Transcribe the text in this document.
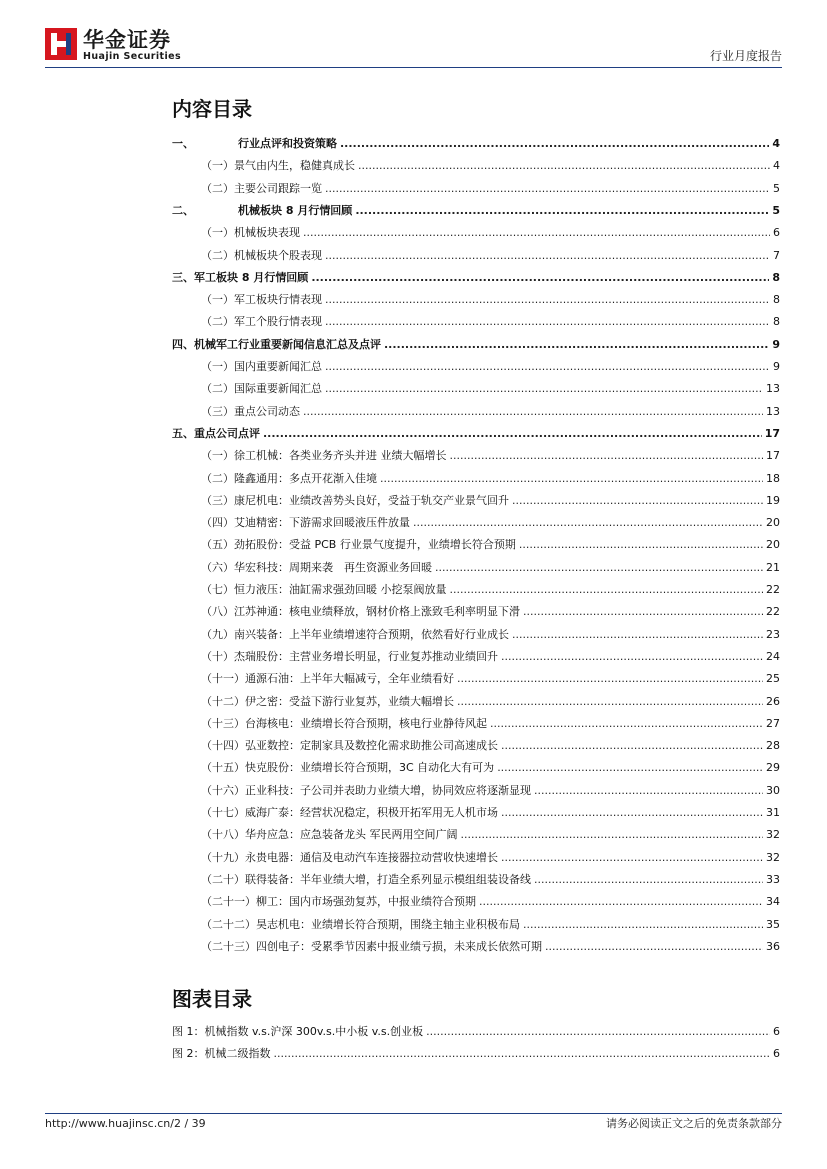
华金证券
Huajin Securities	行业月度报告
内容目录
一、	行业点评和投资策略 .....	4
（一） 景气由内生，稳健真成长 .....	4
（二） 主要公司跟踪一览 .....	5
二、	机械板块 8 月行情回顾 .....	5
（一） 机械板块表现 .....	6
（二） 机械板块个股表现 .....	7
三、 军工板块 8 月行情回顾 .....	8
（一） 军工板块行情表现 .....	8
（二） 军工个股行情表现 .....	8
四、 机械军工行业重要新闻信息汇总及点评 .....	9
（一） 国内重要新闻汇总 .....	9
（二） 国际重要新闻汇总 .....	13
（三） 重点公司动态 .....	13
五、 重点公司点评 .....	17
（一） 徐工机械：各类业务齐头并进 业绩大幅增长 .....	17
（二） 隆鑫通用：多点开花渐入佳境 .....	18
（三） 康尼机电：业绩改善势头良好，受益于轨交产业景气回升 .....	19
（四） 艾迪精密：下游需求回暖液压件放量 .....	20
（五） 劲拓股份：受益 PCB 行业景气度提升，业绩增长符合预期 .....	20
（六） 华宏科技：周期来袭　再生资源业务回暖 .....	21
（七） 恒力液压：油缸需求强劲回暖 小挖泵阀放量 .....	22
（八） 江苏神通：核电业绩释放，钢材价格上涨致毛利率明显下滑 .....	22
（九） 南兴装备：上半年业绩增速符合预期，依然看好行业成长 .....	23
（十） 杰瑞股份：主营业务增长明显，行业复苏推动业绩回升 .....	24
（十一） 通源石油：上半年大幅减亏，全年业绩看好 .....	25
（十二） 伊之密：受益下游行业复苏，业绩大幅增长 .....	26
（十三） 台海核电：业绩增长符合预期，核电行业静待风起 .....	27
（十四） 弘亚数控：定制家具及数控化需求助推公司高速成长 .....	28
（十五） 快克股份：业绩增长符合预期，3C 自动化大有可为 .....	29
（十六） 正业科技：子公司并表助力业绩大增，协同效应将逐渐显现 .....	30
（十七） 威海广泰：经营状况稳定，积极开拓军用无人机市场 .....	31
（十八） 华舟应急：应急装备龙头 军民两用空间广阔 .....	32
（十九） 永贵电器：通信及电动汽车连接器拉动营收快速增长 .....	32
（二十） 联得装备：半年业绩大增，打造全系列显示模组组装设备线 .....	33
（二十一） 柳工：国内市场强劲复苏，中报业绩符合预期 .....	34
（二十二） 昊志机电：业绩增长符合预期，围绕主轴主业积极布局 .....	35
（二十三） 四创电子：受累季节因素中报业绩亏损，未来成长依然可期 .....	36
图表目录
图 1：机械指数 v.s.沪深 300v.s.中小板 v.s.创业板 .....	6
图 2：机械二级指数 .....	6
http://www.huajinsc.cn/2 / 39	请务必阅读正文之后的免责条款部分
